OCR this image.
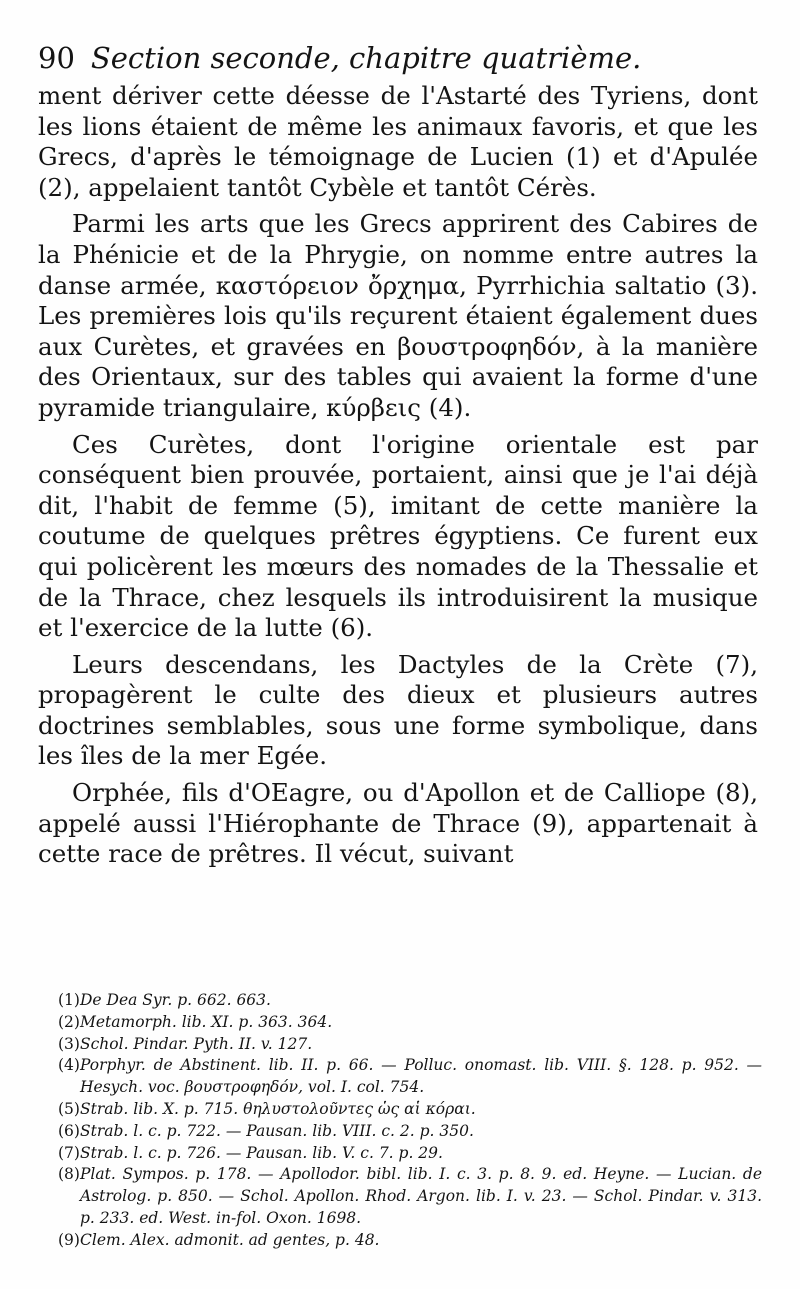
90 Section seconde, chapitre quatrième.

ment dériver cette déesse de l'Astarté des Tyriens, dont les lions étaient de même les animaux favoris, et que les Grecs, d'après le témoignage de Lucien (1) et d'Apulée (2), appelaient tantôt Cybèle et tantôt Cérès.

Parmi les arts que les Grecs apprirent des Cabires de la Phénicie et de la Phrygie, on nomme entre autres la danse armée, καστόρειον ὄρχημα, Pyrrhichia saltatio (3). Les premières lois qu'ils reçurent étaient également dues aux Curètes, et gravées en βουστροφηδόν, à la manière des Orientaux, sur des tables qui avaient la forme d'une pyramide triangulaire, κύρβεις (4).

Ces Curètes, dont l'origine orientale est par conséquent bien prouvée, portaient, ainsi que je l'ai déjà dit, l'habit de femme (5), imitant de cette manière la coutume de quelques prêtres égyptiens. Ce furent eux qui policèrent les mœurs des nomades de la Thessalie et de la Thrace, chez lesquels ils introduisirent la musique et l'exercice de la lutte (6).

Leurs descendans, les Dactyles de la Crète (7), propagèrent le culte des dieux et plusieurs autres doctrines semblables, sous une forme symbolique, dans les îles de la mer Egée.

Orphée, fils d'OEagre, ou d'Apollon et de Calliope (8), appelé aussi l'Hiérophante de Thrace (9), appartenait à cette race de prêtres. Il vécut, suivant

(1)De Dea Syr. p. 662. 663.

(2)Metamorph. lib. XI. p. 363. 364.

(3)Schol. Pindar. Pyth. II. v. 127.

(4)Porphyr. de Abstinent. lib. II. p. 66. — Polluc. onomast. lib. VIII. §. 128. p. 952. — Hesych. voc. βουστροφηδόν, vol. I. col. 754.

(5)Strab. lib. X. p. 715. θηλυστολοῦντες ὡς αἱ κόραι.

(6)Strab. l. c. p. 722. — Pausan. lib. VIII. c. 2. p. 350.

(7)Strab. l. c. p. 726. — Pausan. lib. V. c. 7. p. 29.

(8)Plat. Sympos. p. 178. — Apollodor. bibl. lib. I. c. 3. p. 8. 9. ed. Heyne. — Lucian. de Astrolog. p. 850. — Schol. Apollon. Rhod. Argon. lib. I. v. 23. — Schol. Pindar. v. 313. p. 233. ed. West. in-fol. Oxon. 1698.

(9)Clem. Alex. admonit. ad gentes, p. 48.
